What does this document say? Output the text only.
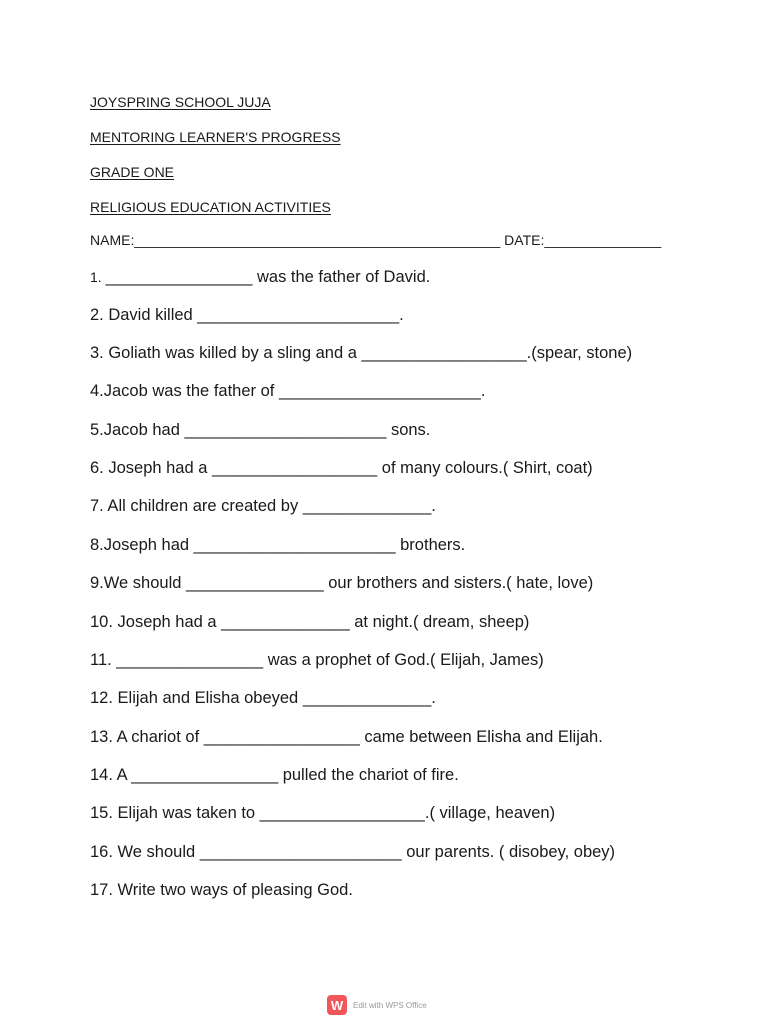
JOYSPRING SCHOOL JUJA
MENTORING LEARNER'S PROGRESS
GRADE ONE
RELIGIOUS EDUCATION ACTIVITIES
NAME:_______________________________________________ DATE:_______________
1. ________________ was the father of David.
2. David killed ______________________.
3. Goliath was killed by a sling and a __________________.(spear, stone)
4.Jacob was the father of ______________________.
5.Jacob had ______________________ sons.
6. Joseph had a __________________ of many colours.( Shirt, coat)
7. All children are created by ______________.
8.Joseph had ______________________ brothers.
9.We should _______________ our brothers and sisters.( hate, love)
10. Joseph had a ______________ at night.( dream, sheep)
11. ________________ was a prophet of God.( Elijah, James)
12. Elijah and Elisha obeyed ______________.
13. A chariot of _________________ came between Elisha and Elijah.
14. A ________________ pulled the chariot of fire.
15. Elijah was taken to __________________.( village, heaven)
16. We should ______________________ our parents. ( disobey, obey)
17. Write two ways of pleasing God.
W	Edit with WPS Office
